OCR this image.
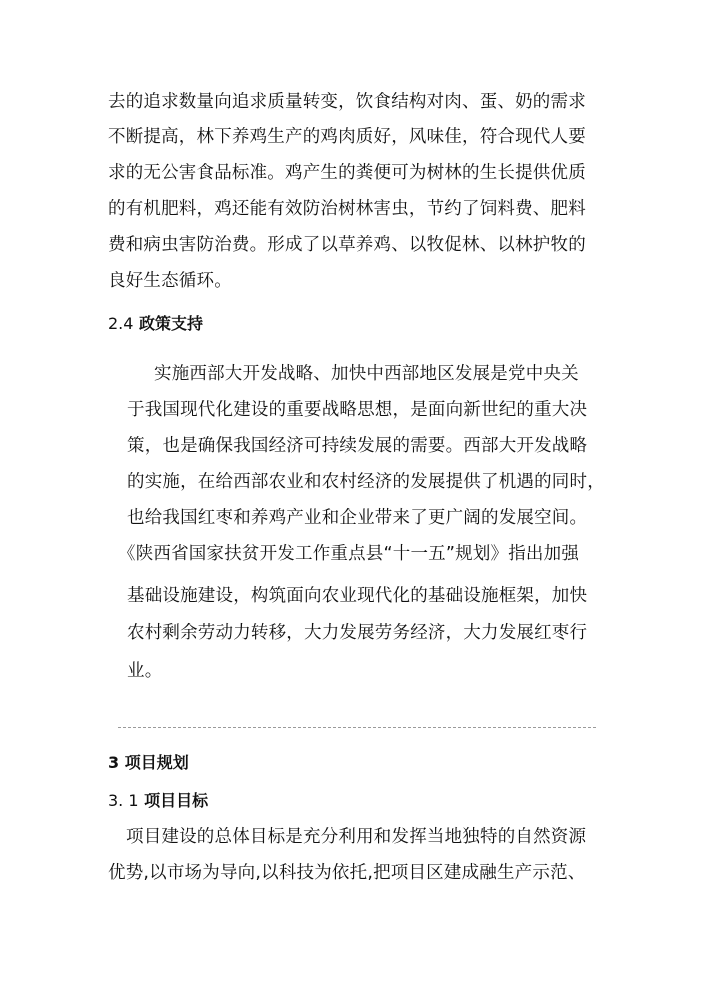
去的追求数量向追求质量转变，饮食结构对肉、蛋、奶的需求
不断提高，林下养鸡生产的鸡肉质好，风味佳，符合现代人要
求的无公害食品标准。鸡产生的粪便可为树林的生长提供优质
的有机肥料，鸡还能有效防治树林害虫，节约了饲料费、肥料
费和病虫害防治费。形成了以草养鸡、以牧促林、以林护牧的
良好生态循环。
2.4 政策支持
实施西部大开发战略、加快中西部地区发展是党中央关
于我国现代化建设的重要战略思想，是面向新世纪的重大决
策，也是确保我国经济可持续发展的需要。西部大开发战略
的实施，在给西部农业和农村经济的发展提供了机遇的同时，
也给我国红枣和养鸡产业和企业带来了更广阔的发展空间。
《陕西省国家扶贫开发工作重点县“十一五”规划》指出加强
基础设施建设，构筑面向农业现代化的基础设施框架，加快
农村剩余劳动力转移，大力发展劳务经济，大力发展红枣行
业。
3 项目规划
3. 1 项目目标
项目建设的总体目标是充分利用和发挥当地独特的自然资源
优势,以市场为导向,以科技为依托,把项目区建成融生产示范、
